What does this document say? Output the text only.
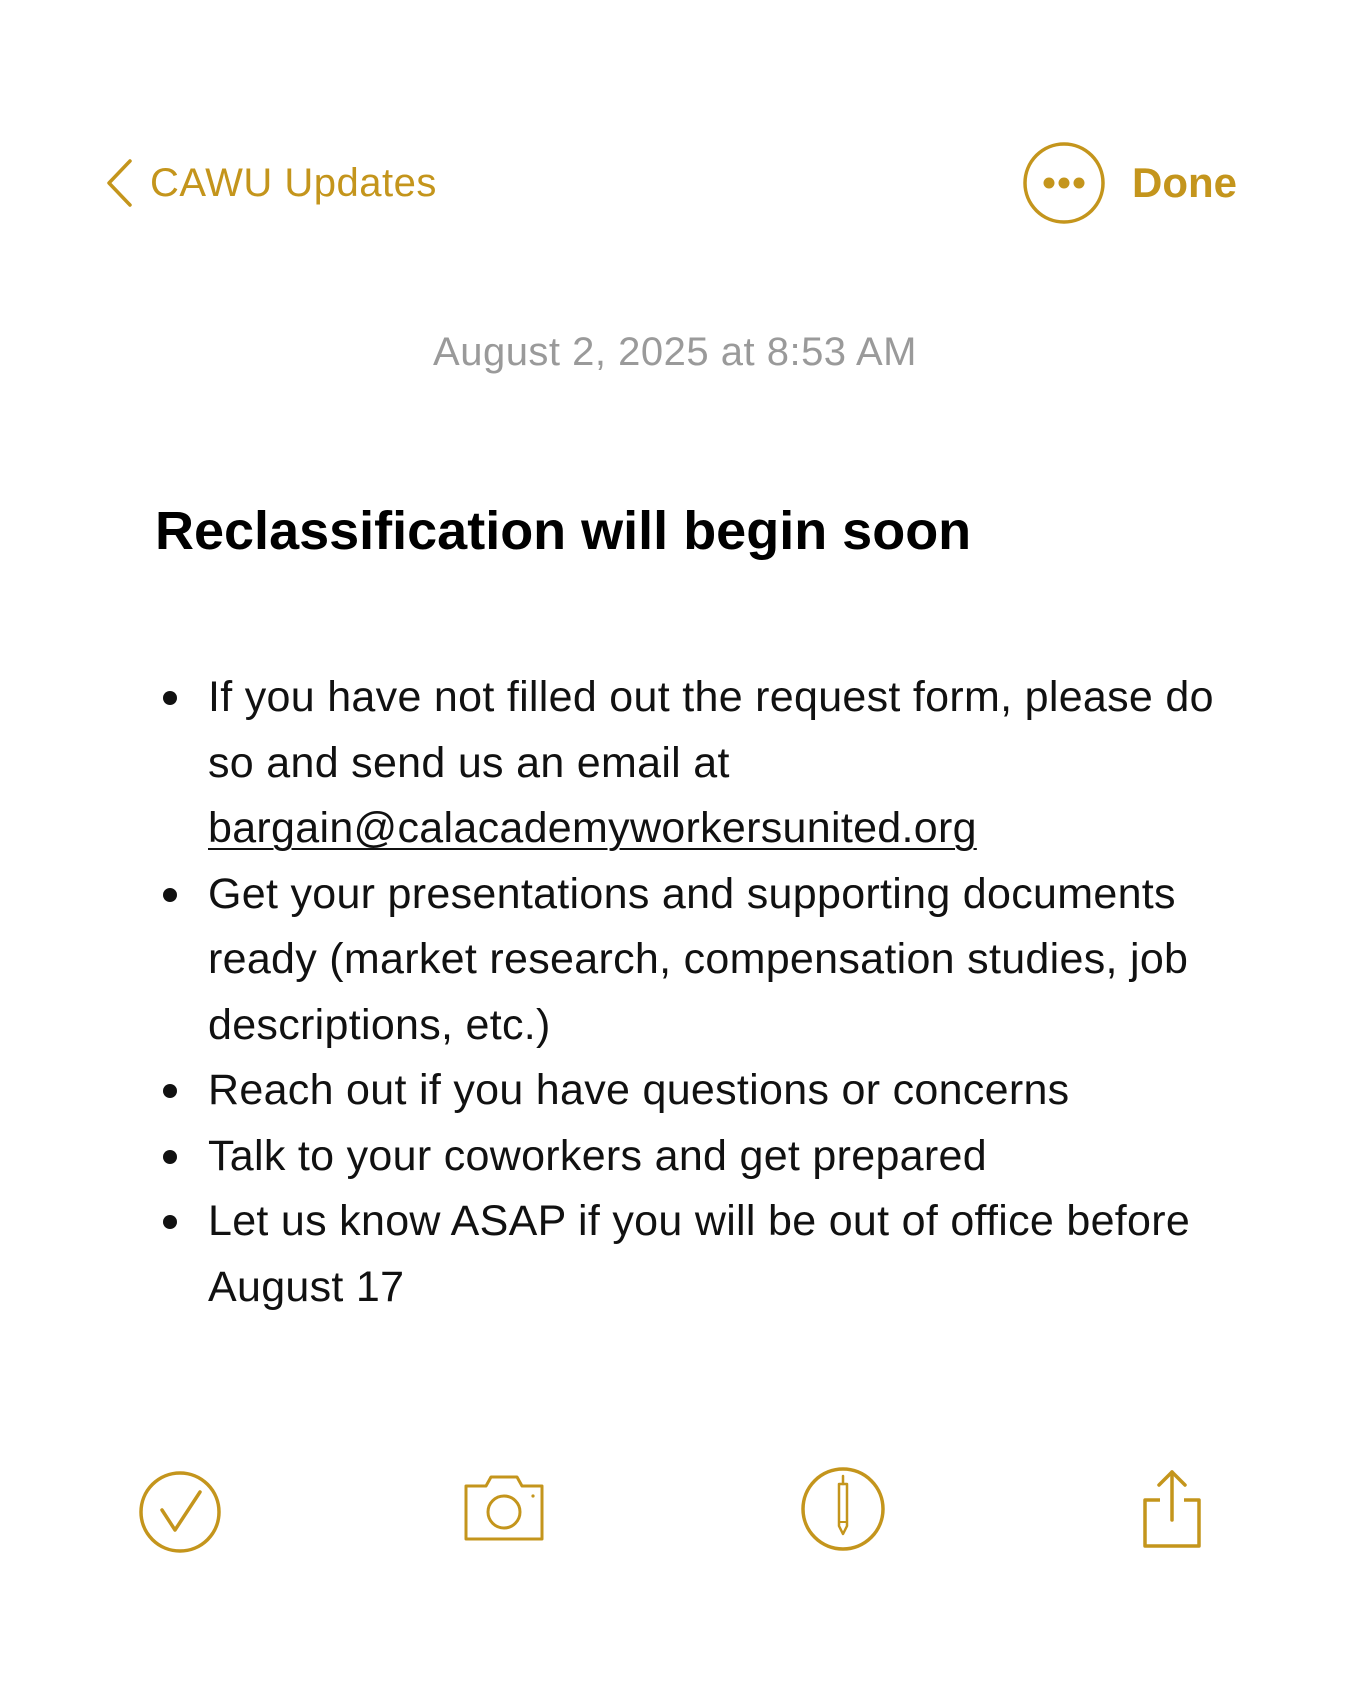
CAWU Updates	Done
August 2, 2025 at 8:53 AM
Reclassification will begin soon
If you have not filled out the request form, please do so and send us an email at bargain@calacademyworkersunited.org
Get your presentations and supporting documents ready (market research, compensation studies, job descriptions, etc.)
Reach out if you have questions or concerns
Talk to your coworkers and get prepared
Let us know ASAP if you will be out of office before August 17
